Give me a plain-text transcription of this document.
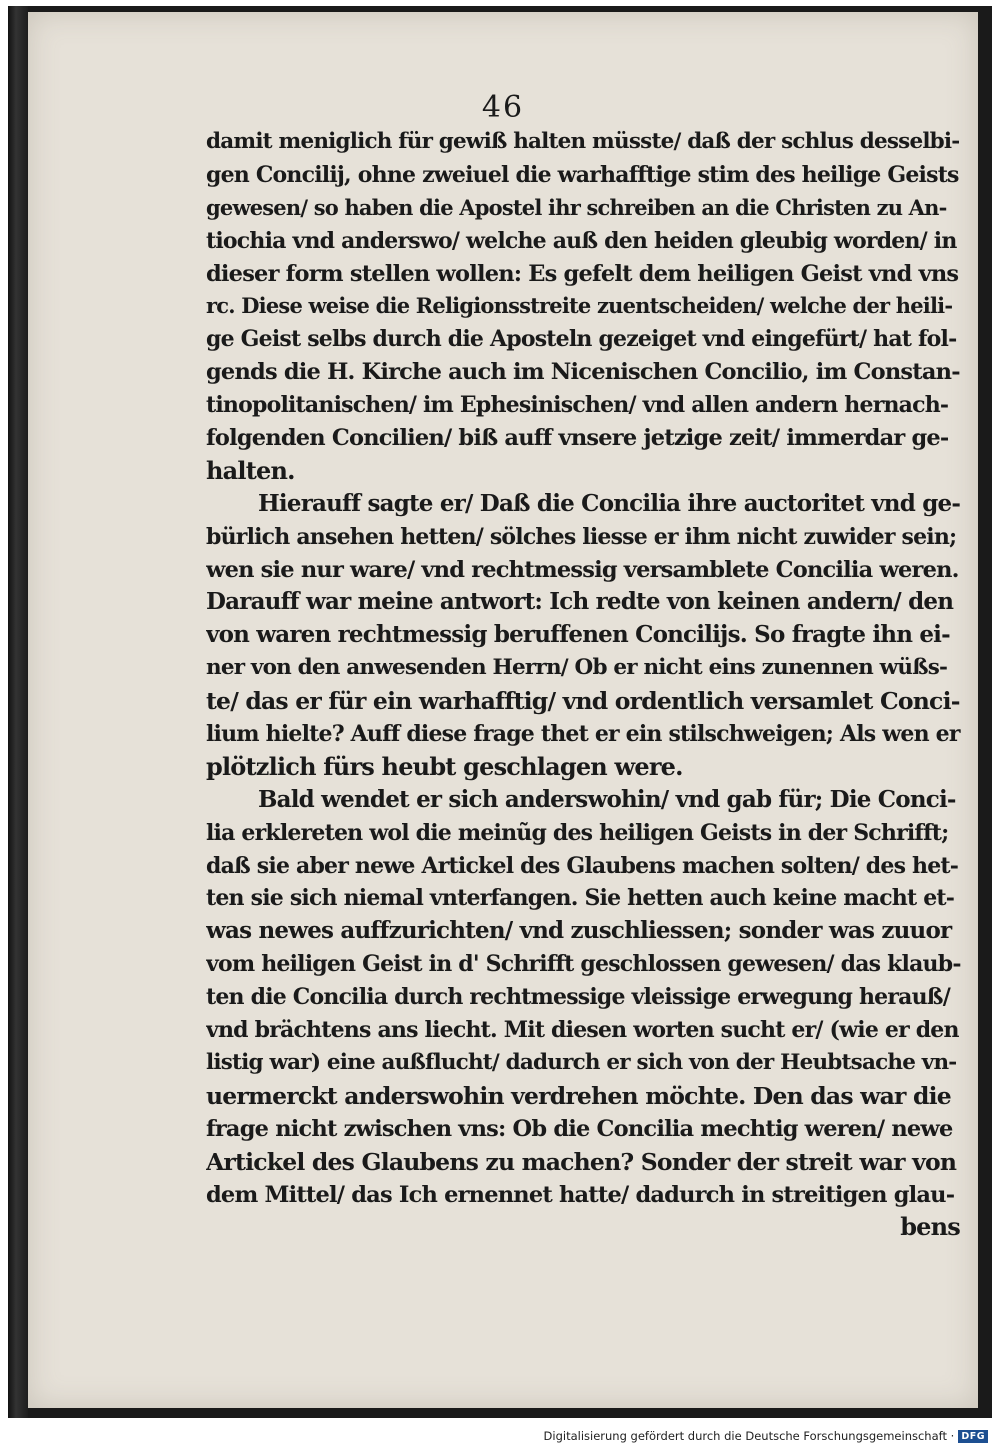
46
damit meniglich für gewiß halten müsste/ daß der schlus desselbi-
gen Concilij, ohne zweiuel die warhafftige stim des heilige Geists
gewesen/ so haben die Apostel ihr schreiben an die Christen zu An-
tiochia vnd anderswo/ welche auß den heiden gleubig worden/ in
dieser form stellen wollen: Es gefelt dem heiligen Geist vnd vns
rc. Diese weise die Religionsstreite zuentscheiden/ welche der heili-
ge Geist selbs durch die Aposteln gezeiget vnd eingefürt/ hat fol-
gends die H. Kirche auch im Nicenischen Concilio, im Constan-
tinopolitanischen/ im Ephesinischen/ vnd allen andern hernach-
folgenden Concilien/ biß auff vnsere jetzige zeit/ immerdar ge-
halten.
Hierauff sagte er/ Daß die Concilia ihre auctoritet vnd ge-
bürlich ansehen hetten/ sölches liesse er ihm nicht zuwider sein;
wen sie nur ware/ vnd rechtmessig versamblete Concilia weren.
Darauff war meine antwort: Ich redte von keinen andern/ den
von waren rechtmessig beruffenen Concilijs. So fragte ihn ei-
ner von den anwesenden Herrn/ Ob er nicht eins zunennen wüßs-
te/ das er für ein warhafftig/ vnd ordentlich versamlet Conci-
lium hielte? Auff diese frage thet er ein stilschweigen; Als wen er
plötzlich fürs heubt geschlagen were.
Bald wendet er sich anderswohin/ vnd gab für; Die Conci-
lia erklereten wol die meinũg des heiligen Geists in der Schrifft;
daß sie aber newe Artickel des Glaubens machen solten/ des het-
ten sie sich niemal vnterfangen. Sie hetten auch keine macht et-
was newes auffzurichten/ vnd zuschliessen; sonder was zuuor
vom heiligen Geist in d' Schrifft geschlossen gewesen/ das klaub-
ten die Concilia durch rechtmessige vleissige erwegung herauß/
vnd brächtens ans liecht. Mit diesen worten sucht er/ (wie er den
listig war) eine außflucht/ dadurch er sich von der Heubtsache vn-
uermerckt anderswohin verdrehen möchte. Den das war die
frage nicht zwischen vns: Ob die Concilia mechtig weren/ newe
Artickel des Glaubens zu machen? Sonder der streit war von
dem Mittel/ das Ich ernennet hatte/ dadurch in streitigen glau-
bens
Digitalisierung gefördert durch die Deutsche Forschungsgemeinschaft · DFG
